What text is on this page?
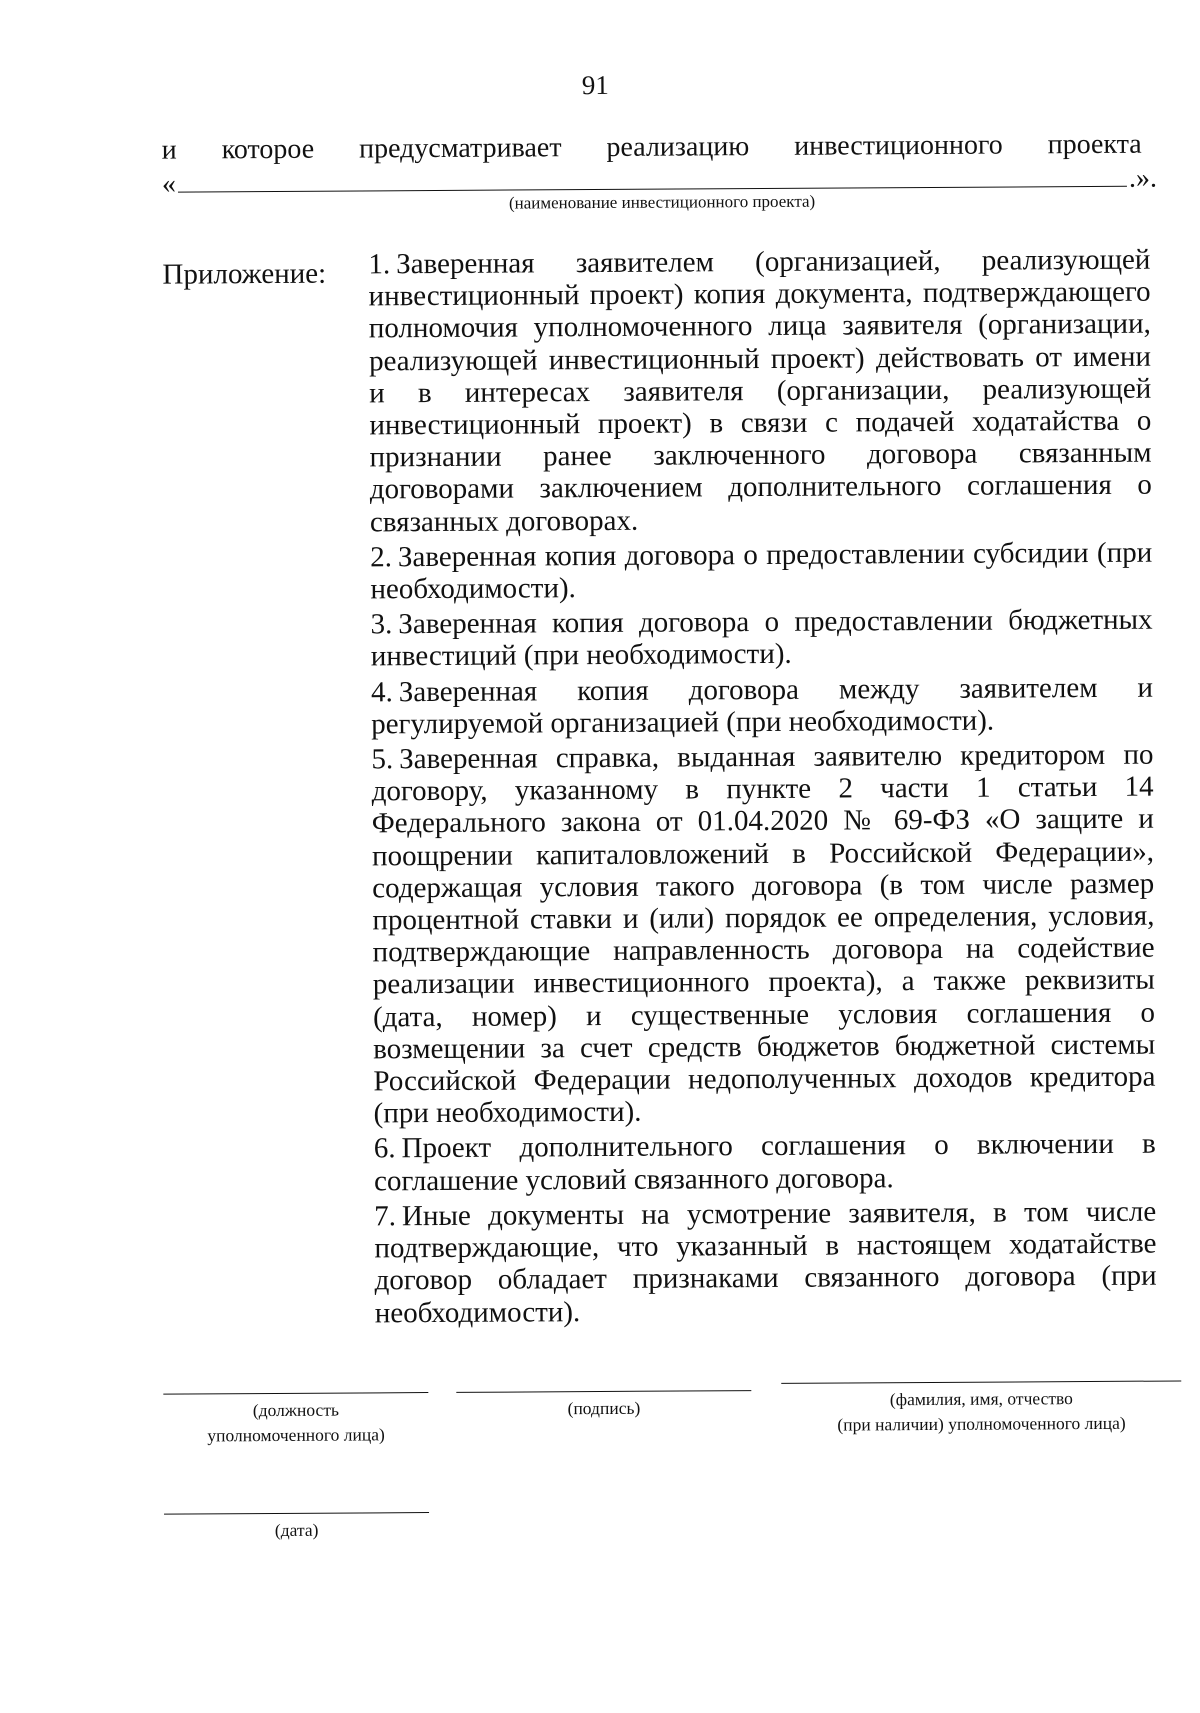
91
и которое предусматривает реализацию инвестиционного проекта
«	.».
(наименование инвестиционного проекта)
Приложение: 1. Заверенная заявителем (организацией, реализующей инвестиционный проект) копия документа, подтверждающего полномочия уполномоченного лица заявителя (организации, реализующей инвестиционный проект) действовать от имени и в интересах заявителя (организации, реализующей инвестиционный проект) в связи с подачей ходатайства о признании ранее заключенного договора связанным договорами заключением дополнительного соглашения о связанных договорах.

2. Заверенная копия договора о предоставлении субсидии (при необходимости).

3. Заверенная копия договора о предоставлении бюджетных инвестиций (при необходимости).

4. Заверенная копия договора между заявителем и регулируемой организацией (при необходимости).

5. Заверенная справка, выданная заявителю кредитором по договору, указанному в пункте 2 части 1 статьи 14 Федерального закона от 01.04.2020 № 69-ФЗ «О защите и поощрении капиталовложений в Российской Федерации», содержащая условия такого договора (в том числе размер процентной ставки и (или) порядок ее определения, условия, подтверждающие направленность договора на содействие реализации инвестиционного проекта), а также реквизиты (дата, номер) и существенные условия соглашения о возмещении за счет средств бюджетов бюджетной системы Российской Федерации недополученных доходов кредитора (при необходимости).

6. Проект дополнительного соглашения о включении в соглашение условий связанного договора.

7. Иные документы на усмотрение заявителя, в том числе подтверждающие, что указанный в настоящем ходатайстве договор обладает признаками связанного договора (при необходимости).

(должность
уполномоченного лица)
(подпись)	(фамилия, имя, отчество
(при наличии) уполномоченного лица)
(дата)
